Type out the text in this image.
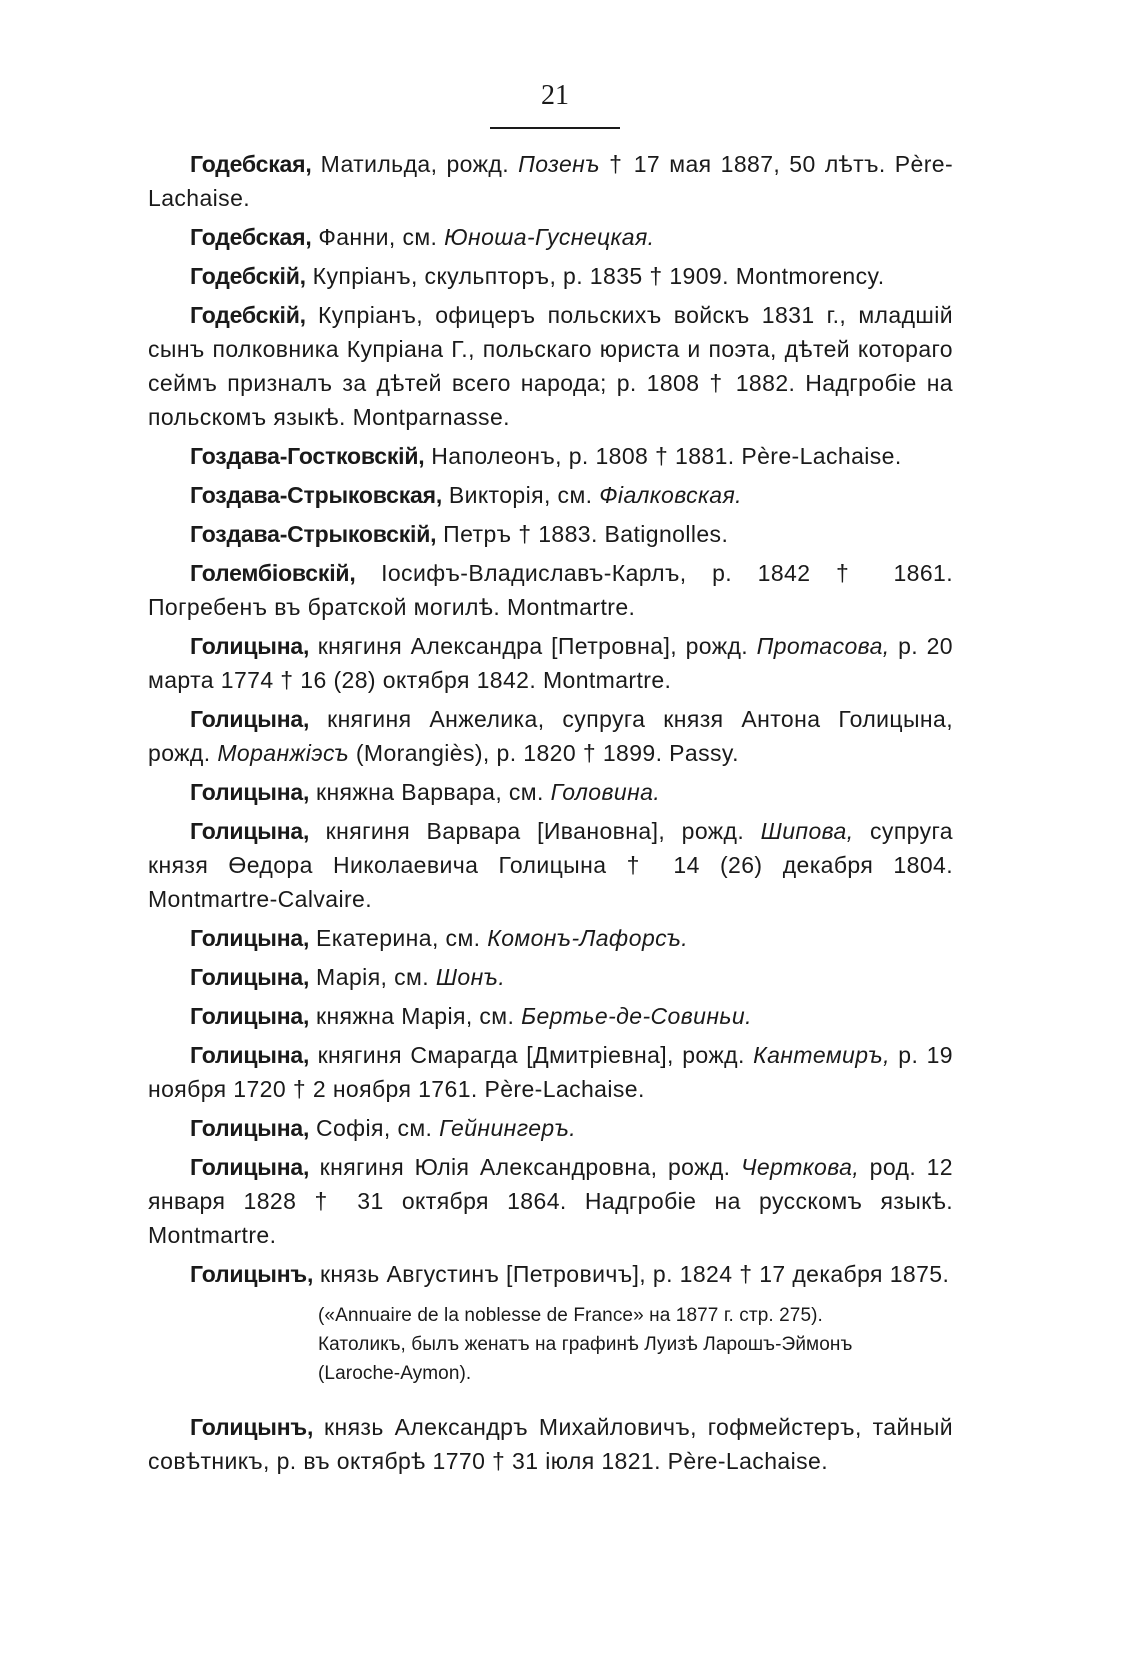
21

Годебская, Матильда, рожд. Позенъ † 17 мая 1887, 50 лѣтъ. Père-Lachaise.

Годебская, Фанни, см. Юноша-Гуснецкая.

Годебскій, Купріанъ, скульпторъ, р. 1835 † 1909. Montmorency.

Годебскій, Купріанъ, офицеръ польскихъ войскъ 1831 г., младшій сынъ полковника Купріана Г., польскаго юриста и поэта, дѣтей котораго сеймъ призналъ за дѣтей всего народа; р. 1808 † 1882. Надгробіе на польскомъ языкѣ. Montparnasse.

Гоздава-Гостковскій, Наполеонъ, р. 1808 † 1881. Père-Lachaise.

Гоздава-Стрыковская, Викторія, см. Фіалковская.

Гоздава-Стрыковскій, Петръ † 1883. Batignolles.

Голембіовскій, Іосифъ-Владиславъ-Карлъ, р. 1842 † 1861. Погребенъ въ братской могилѣ. Montmartre.

Голицына, княгиня Александра [Петровна], рожд. Протасова, р. 20 марта 1774 † 16 (28) октября 1842. Montmartre.

Голицына, княгиня Анжелика, супруга князя Антона Голицына, рожд. Моранжіэсъ (Morangiès), р. 1820 † 1899. Passy.

Голицына, княжна Варвара, см. Головина.

Голицына, княгиня Варвара [Ивановна], рожд. Шипова, супруга князя Өедора Николаевича Голицына † 14 (26) декабря 1804. Montmartre-Calvaire.

Голицына, Екатерина, см. Комонъ-Лафорсъ.

Голицына, Марія, см. Шонъ.

Голицына, княжна Марія, см. Бертье-де-Совиньи.

Голицына, княгиня Смарагда [Дмитріевна], рожд. Кантемиръ, р. 19 ноября 1720 † 2 ноября 1761. Père-Lachaise.

Голицына, Софія, см. Гейнингеръ.

Голицына, княгиня Юлія Александровна, рожд. Черткова, род. 12 января 1828 † 31 октября 1864. Надгробіе на русскомъ языкѣ. Montmartre.

Голицынъ, князь Августинъ [Петровичъ], р. 1824 † 17 декабря 1875.

(«Annuaire de la noblesse de France» на 1877 г. стр. 275).

Католикъ, былъ женатъ на графинѣ Луизѣ Ларошъ-Эймонъ

(Laroche-Aymon).

Голицынъ, князь Александръ Михайловичъ, гофмейстеръ, тайный совѣтникъ, р. въ октябрѣ 1770 † 31 іюля 1821. Père-Lachaise.
